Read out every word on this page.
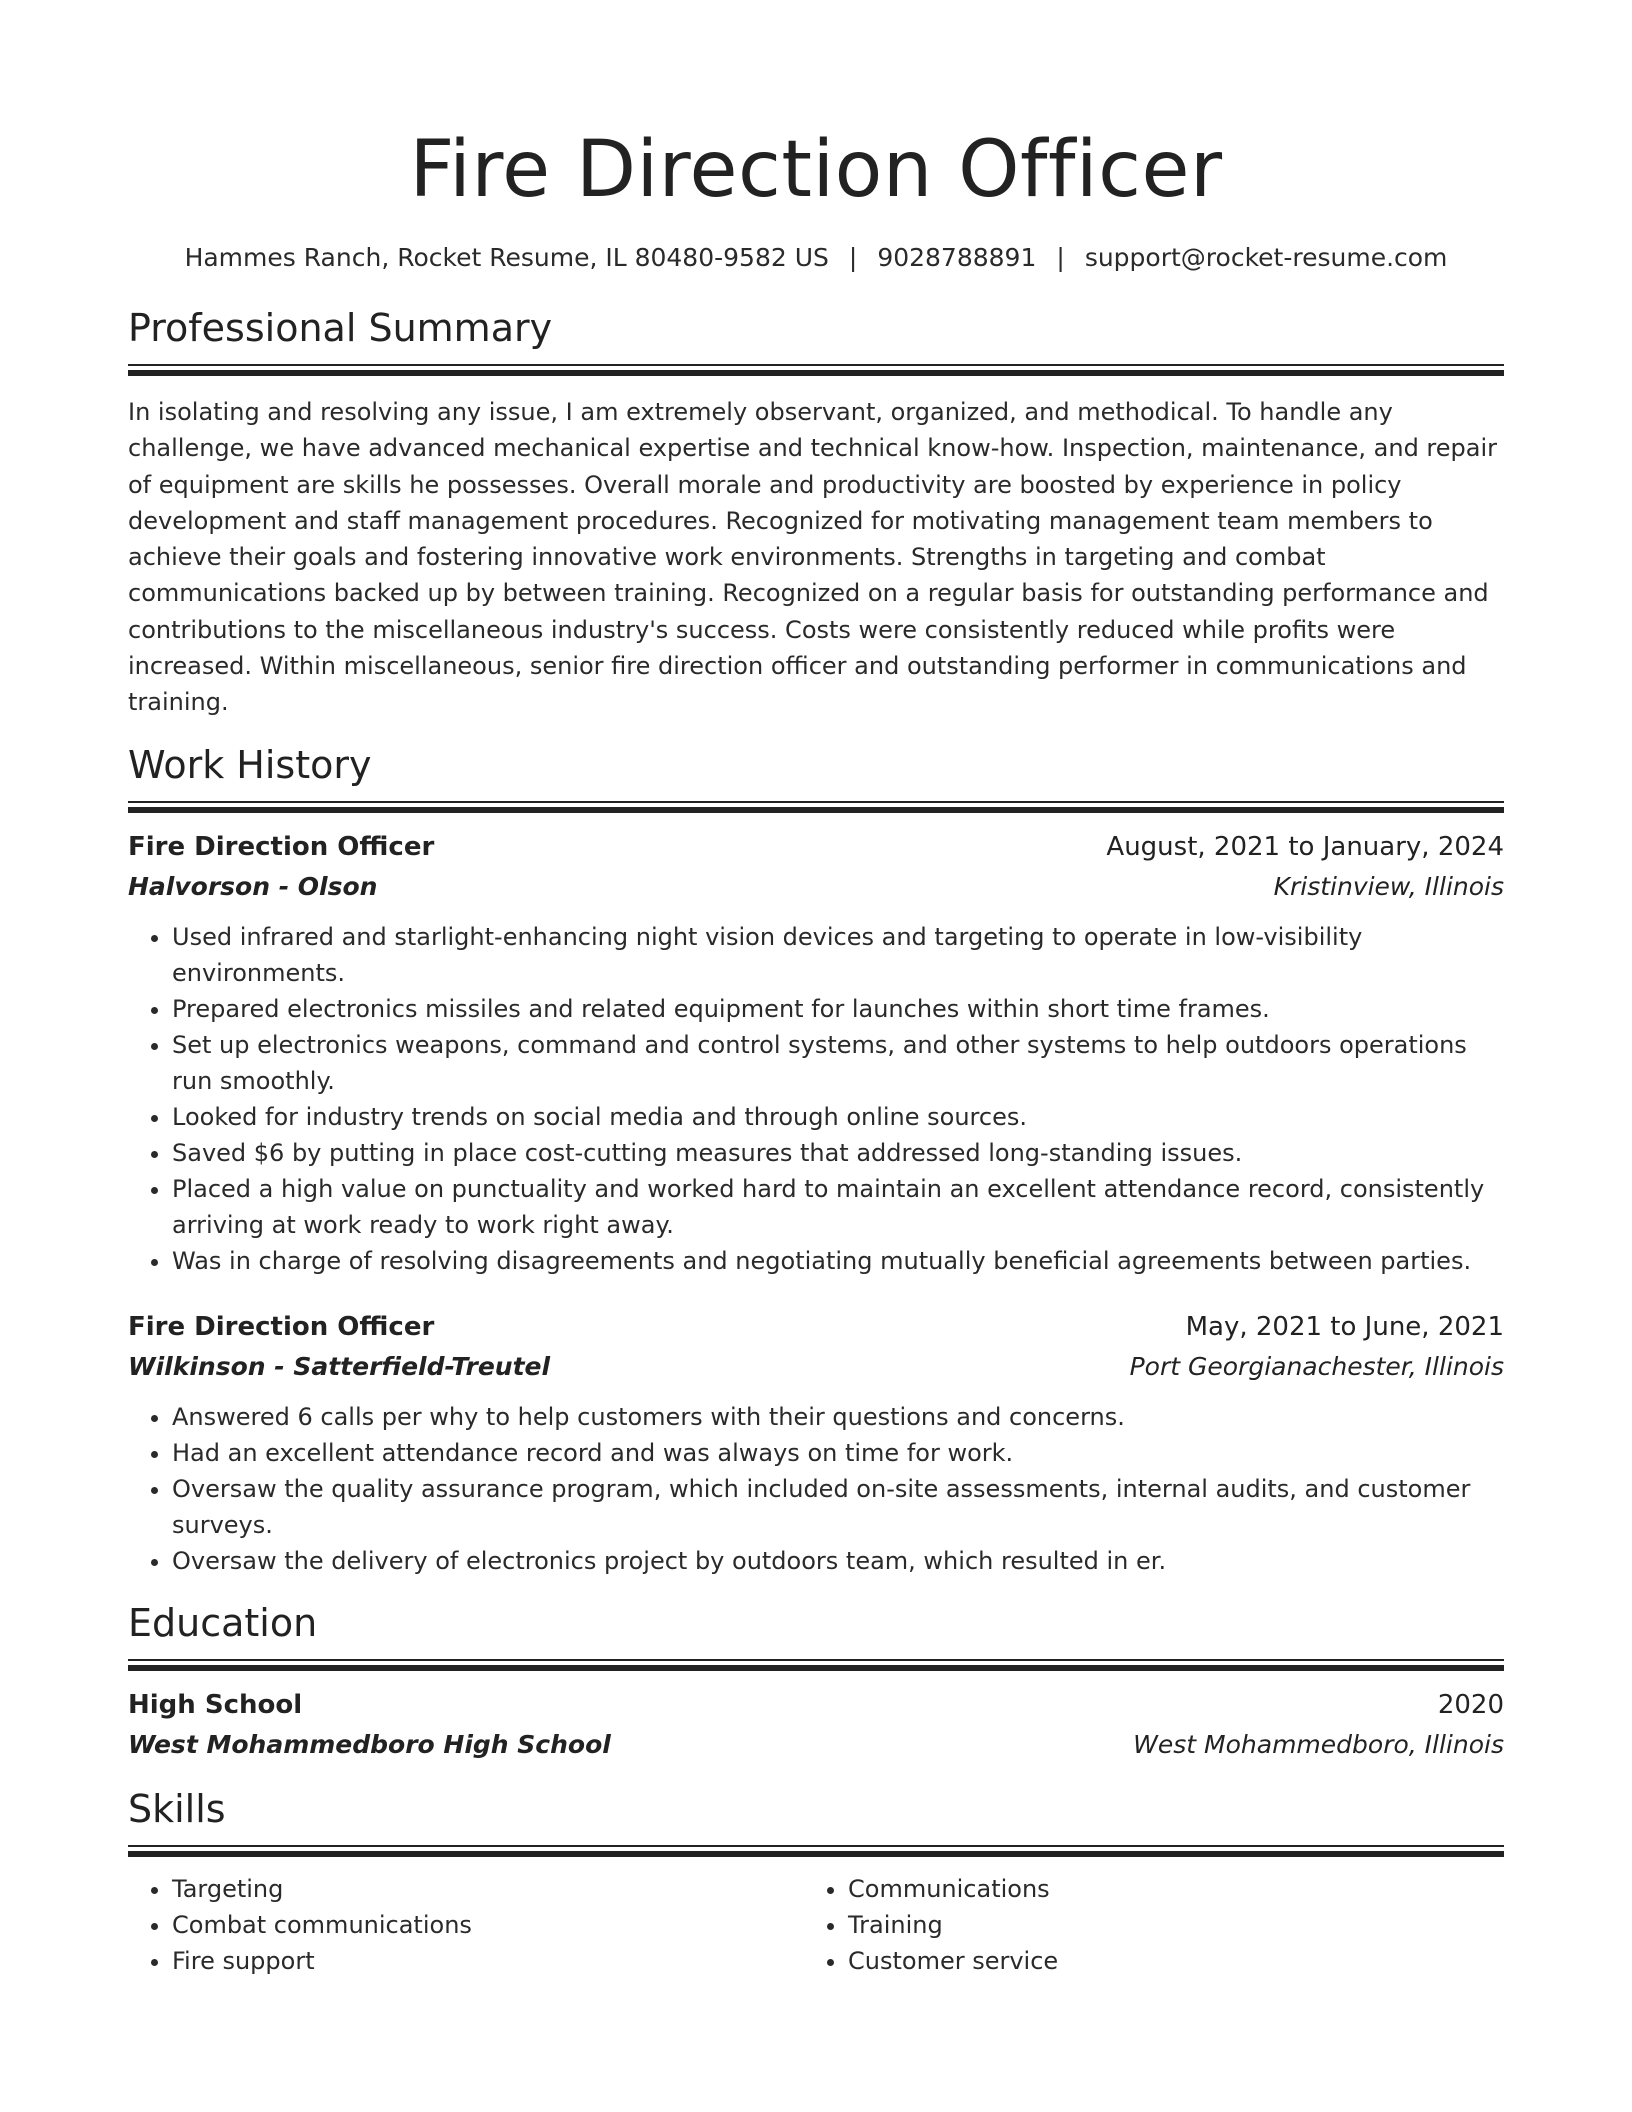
Fire Direction Officer
Hammes Ranch, Rocket Resume, IL 80480-9582 US | 9028788891 | support@rocket-resume.com
Professional Summary

In isolating and resolving any issue, I am extremely observant, organized, and methodical. To handle any challenge, we have advanced mechanical expertise and technical know-how. Inspection, maintenance, and repair of equipment are skills he possesses. Overall morale and productivity are boosted by experience in policy development and staff management procedures. Recognized for motivating management team members to achieve their goals and fostering innovative work environments. Strengths in targeting and combat communications backed up by between training. Recognized on a regular basis for outstanding performance and contributions to the miscellaneous industry's success. Costs were consistently reduced while profits were increased. Within miscellaneous, senior fire direction officer and outstanding performer in communications and training.

Work History
Fire Direction Officer	August, 2021 to January, 2024
Halvorson - Olson	Kristinview, Illinois
• Used infrared and starlight-enhancing night vision devices and targeting to operate in low-visibility environments.
• Prepared electronics missiles and related equipment for launches within short time frames.
• Set up electronics weapons, command and control systems, and other systems to help outdoors operations run smoothly.
• Looked for industry trends on social media and through online sources.
• Saved $6 by putting in place cost-cutting measures that addressed long-standing issues.
• Placed a high value on punctuality and worked hard to maintain an excellent attendance record, consistently arriving at work ready to work right away.
• Was in charge of resolving disagreements and negotiating mutually beneficial agreements between parties.
Fire Direction Officer	May, 2021 to June, 2021
Wilkinson - Satterfield-Treutel	Port Georgianachester, Illinois
• Answered 6 calls per why to help customers with their questions and concerns.
• Had an excellent attendance record and was always on time for work.
• Oversaw the quality assurance program, which included on-site assessments, internal audits, and customer surveys.
• Oversaw the delivery of electronics project by outdoors team, which resulted in er.
Education
High School	2020
West Mohammedboro High School	West Mohammedboro, Illinois
Skills
• Targeting
• Combat communications
• Fire support
• Communications
• Training
• Customer service
